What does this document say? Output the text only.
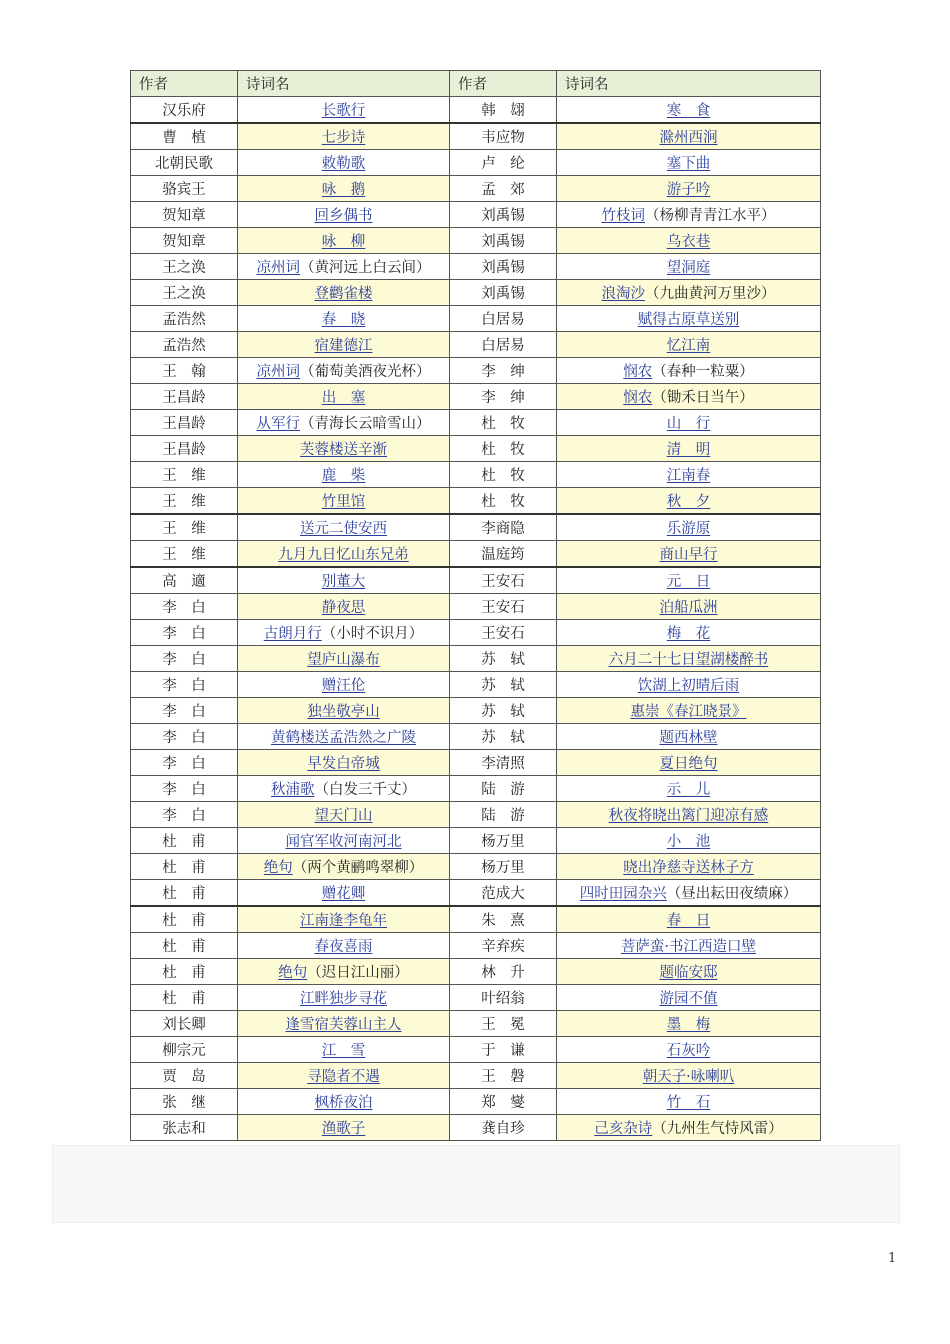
作者	诗词名	作者	诗词名
汉乐府	长歌行	韩　翃	寒　食
曹　植	七步诗	韦应物	滁州西涧
北朝民歌	敕勒歌	卢　纶	塞下曲
骆宾王	咏　鹅	孟　郊	游子吟
贺知章	回乡偶书	刘禹锡	竹枝词（杨柳青青江水平）
贺知章	咏　柳	刘禹锡	乌衣巷
王之涣	凉州词（黄河远上白云间）	刘禹锡	望洞庭
王之涣	登鹳雀楼	刘禹锡	浪淘沙（九曲黄河万里沙）
孟浩然	春　晓	白居易	赋得古原草送别
孟浩然	宿建德江	白居易	忆江南
王　翰	凉州词（葡萄美酒夜光杯）	李　绅	悯农（春种一粒粟）
王昌龄	出　塞	李　绅	悯农（锄禾日当午）
王昌龄	从军行（青海长云暗雪山）	杜　牧	山　行
王昌龄	芙蓉楼送辛渐	杜　牧	清　明
王　维	鹿　柴	杜　牧	江南春
王　维	竹里馆	杜　牧	秋　夕
王　维	送元二使安西	李商隐	乐游原
王　维	九月九日忆山东兄弟	温庭筠	商山早行
高　適	别董大	王安石	元　日
李　白	静夜思	王安石	泊船瓜洲
李　白	古朗月行（小时不识月）	王安石	梅　花
李　白	望庐山瀑布	苏　轼	六月二十七日望湖楼醉书
李　白	赠汪伦	苏　轼	饮湖上初晴后雨
李　白	独坐敬亭山	苏　轼	惠崇《春江晓景》
李　白	黄鹤楼送孟浩然之广陵	苏　轼	题西林壁
李　白	早发白帝城	李清照	夏日绝句
李　白	秋浦歌（白发三千丈）	陆　游	示　儿
李　白	望天门山	陆　游	秋夜将晓出篱门迎凉有感
杜　甫	闻官军收河南河北	杨万里	小　池
杜　甫	绝句（两个黄鹂鸣翠柳）	杨万里	晓出净慈寺送林子方
杜　甫	赠花卿	范成大	四时田园杂兴（昼出耘田夜绩麻）
杜　甫	江南逢李龟年	朱　熹	春　日
杜　甫	春夜喜雨	辛弃疾	菩萨蛮·书江西造口壁
杜　甫	绝句（迟日江山丽）	林　升	题临安邸
杜　甫	江畔独步寻花	叶绍翁	游园不值
刘长卿	逢雪宿芙蓉山主人	王　冕	墨　梅
柳宗元	江　雪	于　谦	石灰吟
贾　岛	寻隐者不遇	王　磐	朝天子·咏喇叭
张　继	枫桥夜泊	郑　燮	竹　石
张志和	渔歌子	龚自珍	己亥杂诗（九州生气恃风雷）
1
